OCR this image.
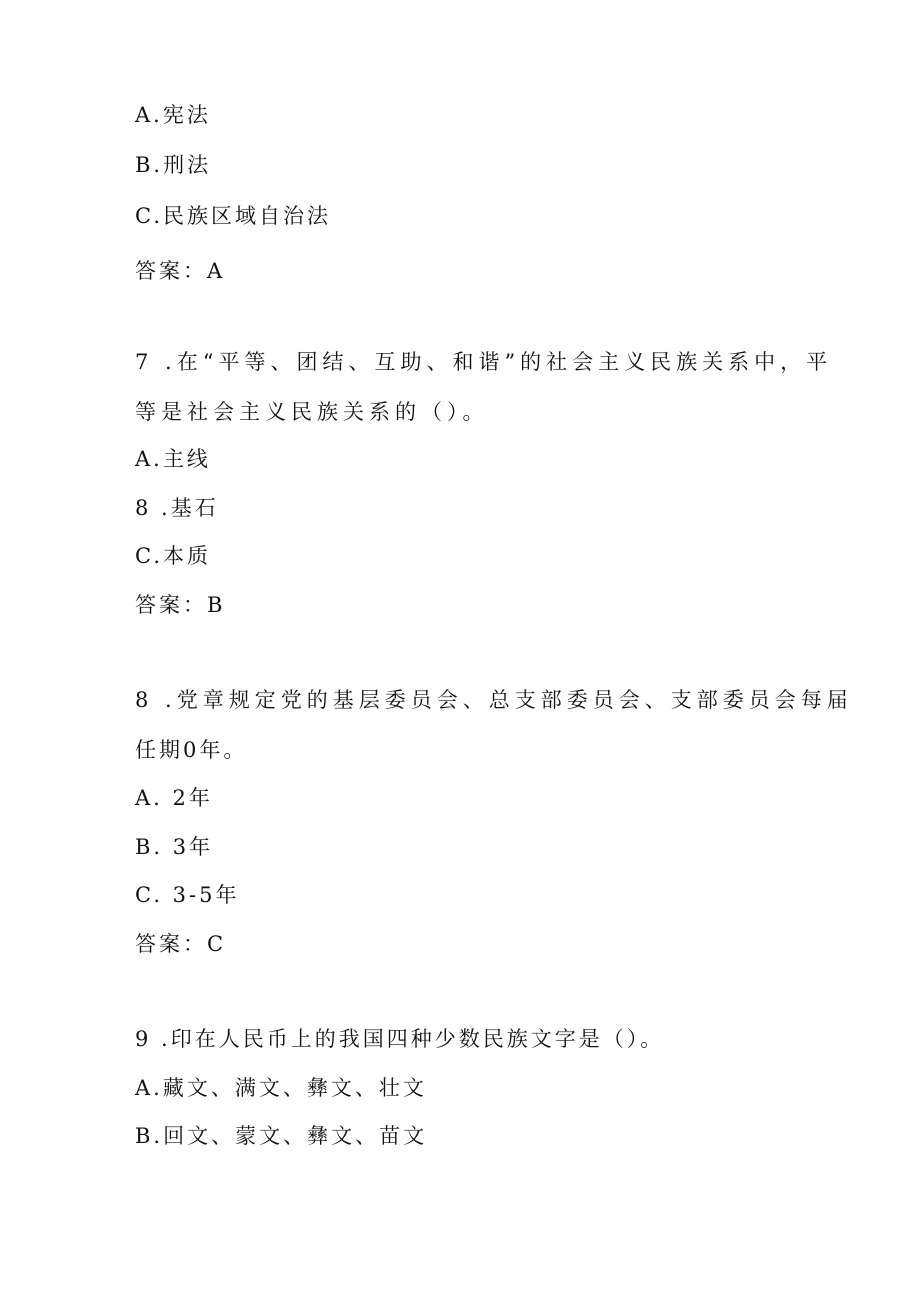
A.宪法
B.刑法
C.民族区域自治法
答案：A
7 .在“平等、团结、互助、和谐”的社会主义民族关系中，平
等是社会主义民族关系的（）。
A.主线
8 .基石
C.本质
答案：B
8 .党章规定党的基层委员会、总支部委员会、支部委员会每届
任期0年。
A. 2年
B. 3年
C. 3-5年
答案：C
9 .印在人民币上的我国四种少数民族文字是（）。
A.藏文、满文、彝文、壮文
B.回文、蒙文、彝文、苗文
